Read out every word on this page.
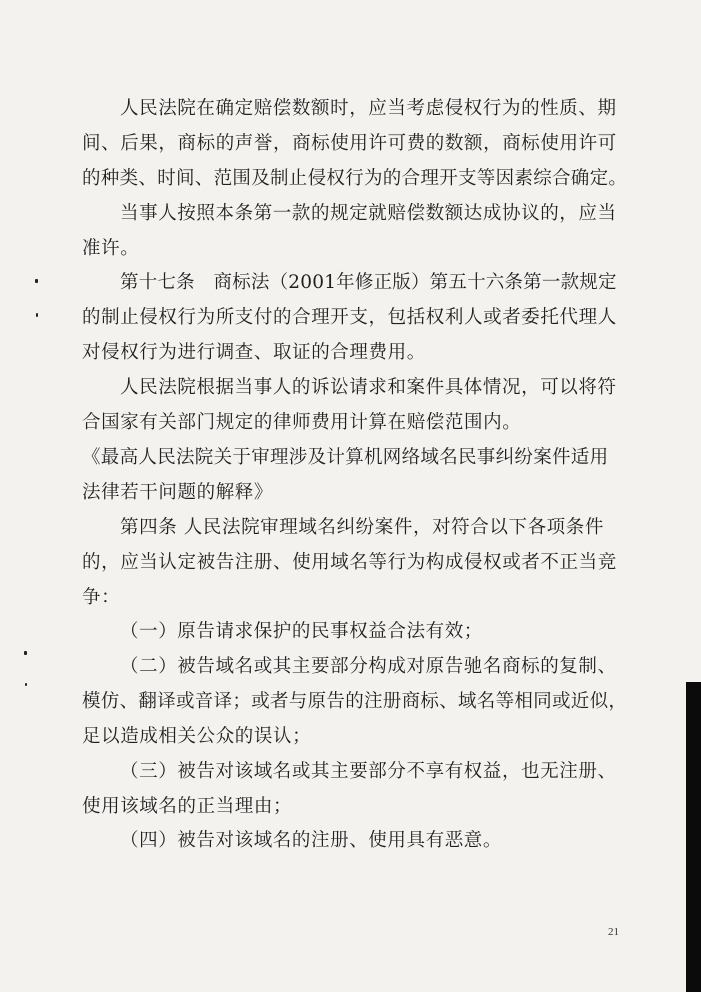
人民法院在确定赔偿数额时，应当考虑侵权行为的性质、期
间、后果，商标的声誉，商标使用许可费的数额，商标使用许可
的种类、时间、范围及制止侵权行为的合理开支等因素综合确定。
当事人按照本条第一款的规定就赔偿数额达成协议的，应当
准许。
第十七条　商标法（2001年修正版）第五十六条第一款规定
的制止侵权行为所支付的合理开支，包括权利人或者委托代理人
对侵权行为进行调查、取证的合理费用。
人民法院根据当事人的诉讼请求和案件具体情况，可以将符
合国家有关部门规定的律师费用计算在赔偿范围内。
《最高人民法院关于审理涉及计算机网络域名民事纠纷案件适用
法律若干问题的解释》
第四条 人民法院审理域名纠纷案件，对符合以下各项条件
的，应当认定被告注册、使用域名等行为构成侵权或者不正当竞
争：
（一）原告请求保护的民事权益合法有效；
（二）被告域名或其主要部分构成对原告驰名商标的复制、
模仿、翻译或音译；或者与原告的注册商标、域名等相同或近似，
足以造成相关公众的误认；
（三）被告对该域名或其主要部分不享有权益，也无注册、
使用该域名的正当理由；
（四）被告对该域名的注册、使用具有恶意。
21
